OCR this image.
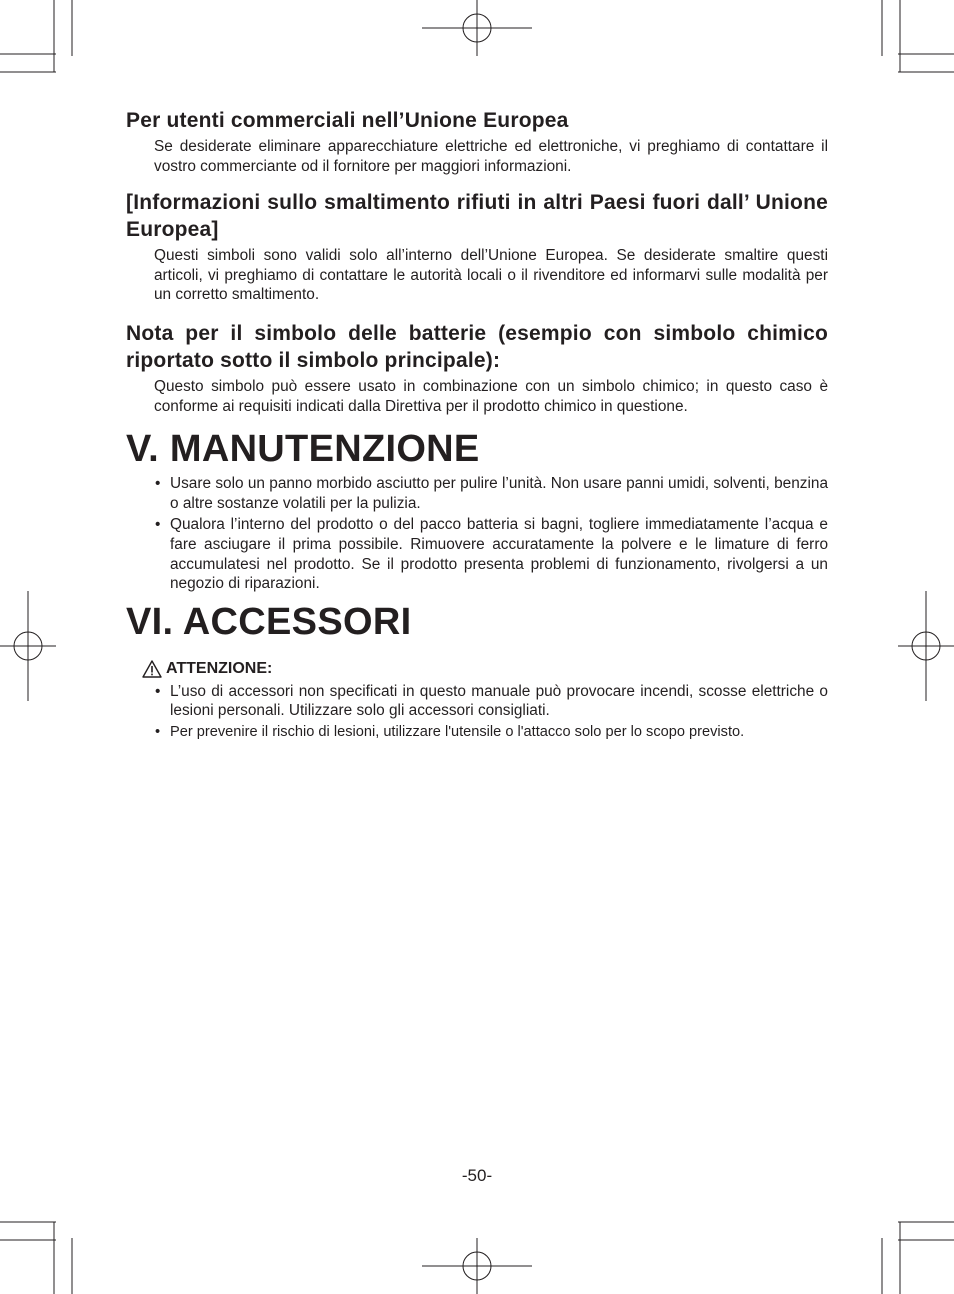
Per utenti commerciali nell’Unione Europea

Se desiderate eliminare apparecchiature elettriche ed elettroniche, vi preghiamo di contattare il vostro commerciante od il fornitore per maggiori informazioni.

[Informazioni sullo smaltimento rifiuti in altri Paesi fuori dall’ Unione Europea]

Questi simboli sono validi solo all’interno dell’Unione Europea. Se desiderate smaltire questi articoli, vi preghiamo di contattare le autorità locali o il rivenditore ed informarvi sulle modalità per un corretto smaltimento.

Nota per il simbolo delle batterie (esempio con simbolo chimico riportato sotto il simbolo principale):

Questo simbolo può essere usato in combinazione con un simbolo chimico; in questo caso è conforme ai requisiti indicati dalla Direttiva per il prodotto chimico in questione.

V. MANUTENZIONE
• Usare solo un panno morbido asciutto per pulire l’unità. Non usare panni umidi, solventi, benzina o altre sostanze volatili per la pulizia.
• Qualora l’interno del prodotto o del pacco batteria si bagni, togliere immediatamente l’acqua e fare asciugare il prima possibile. Rimuovere accuratamente la polvere e le limature di ferro accumulatesi nel prodotto. Se il prodotto presenta problemi di funzionamento, rivolgersi a un negozio di riparazioni.
VI. ACCESSORI
ATTENZIONE:
• L’uso di accessori non specificati in questo manuale può provocare incendi, scosse elettriche o lesioni personali. Utilizzare solo gli accessori consigliati.
• Per prevenire il rischio di lesioni, utilizzare l'utensile o l'attacco solo per lo scopo previsto.
-50-
